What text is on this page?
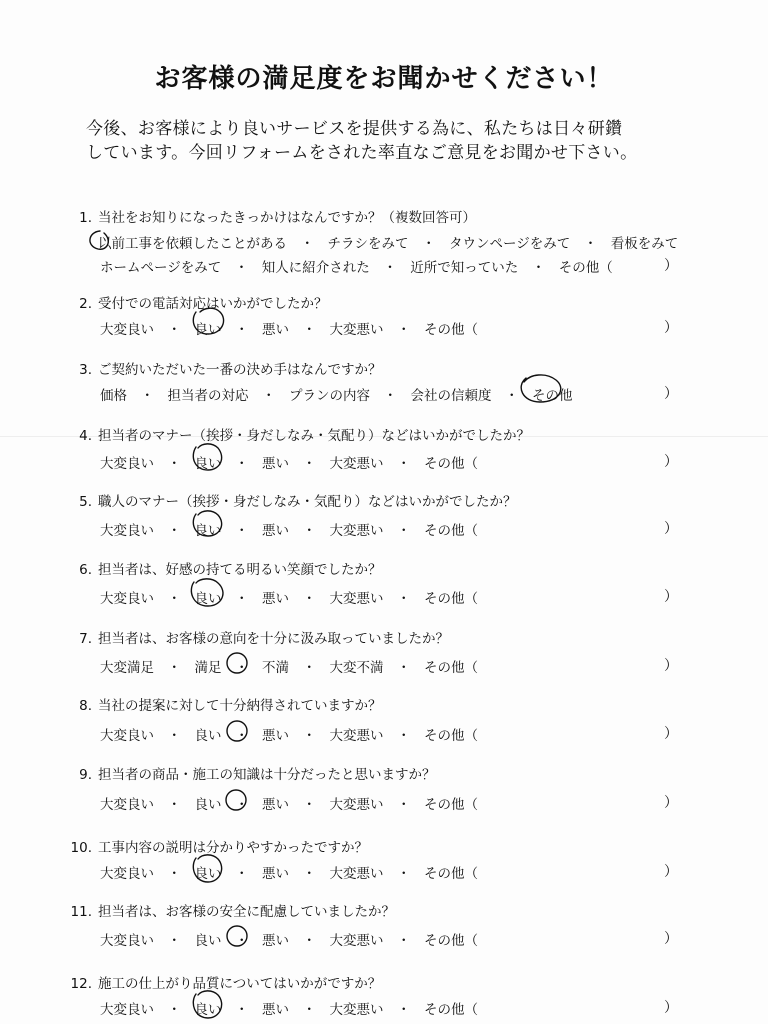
お客様の満足度をお聞かせください！
今後、お客様により良いサービスを提供する為に、私たちは日々研鑽
しています。今回リフォームをされた率直なご意見をお聞かせ下さい。
1. 当社をお知りになったきっかけはなんですか？（複数回答可）
以前工事を依頼したことがある　・　チラシをみて　・　タウンページをみて　・　看板をみて
ホームページをみて　・　知人に紹介された　・　近所で知っていた　・　その他（	）
2. 受付での電話対応はいかがでしたか？
大変良い　・　良い　・　悪い　・　大変悪い　・　その他（	）
3. ご契約いただいた一番の決め手はなんですか？
価格　・　担当者の対応　・　プランの内容　・　会社の信頼度　・　その他	）
4. 担当者のマナー（挨拶・身だしなみ・気配り）などはいかがでしたか？
大変良い　・　良い　・　悪い　・　大変悪い　・　その他（	）
5. 職人のマナー（挨拶・身だしなみ・気配り）などはいかがでしたか？
大変良い　・　良い　・　悪い　・　大変悪い　・　その他（	）
6. 担当者は、好感の持てる明るい笑顔でしたか？
大変良い　・　良い　・　悪い　・　大変悪い　・　その他（	）
7. 担当者は、お客様の意向を十分に汲み取っていましたか？
大変満足　・　満足　・　不満　・　大変不満　・　その他（	）
8. 当社の提案に対して十分納得されていますか？
大変良い　・　良い　・　悪い　・　大変悪い　・　その他（	）
9. 担当者の商品・施工の知識は十分だったと思いますか？
大変良い　・　良い　・　悪い　・　大変悪い　・　その他（	）
10. 工事内容の説明は分かりやすかったですか？
大変良い　・　良い　・　悪い　・　大変悪い　・　その他（	）
11. 担当者は、お客様の安全に配慮していましたか？
大変良い　・　良い　・　悪い　・　大変悪い　・　その他（	）
12. 施工の仕上がり品質についてはいかがですか？
大変良い　・　良い　・　悪い　・　大変悪い　・　その他（	）
